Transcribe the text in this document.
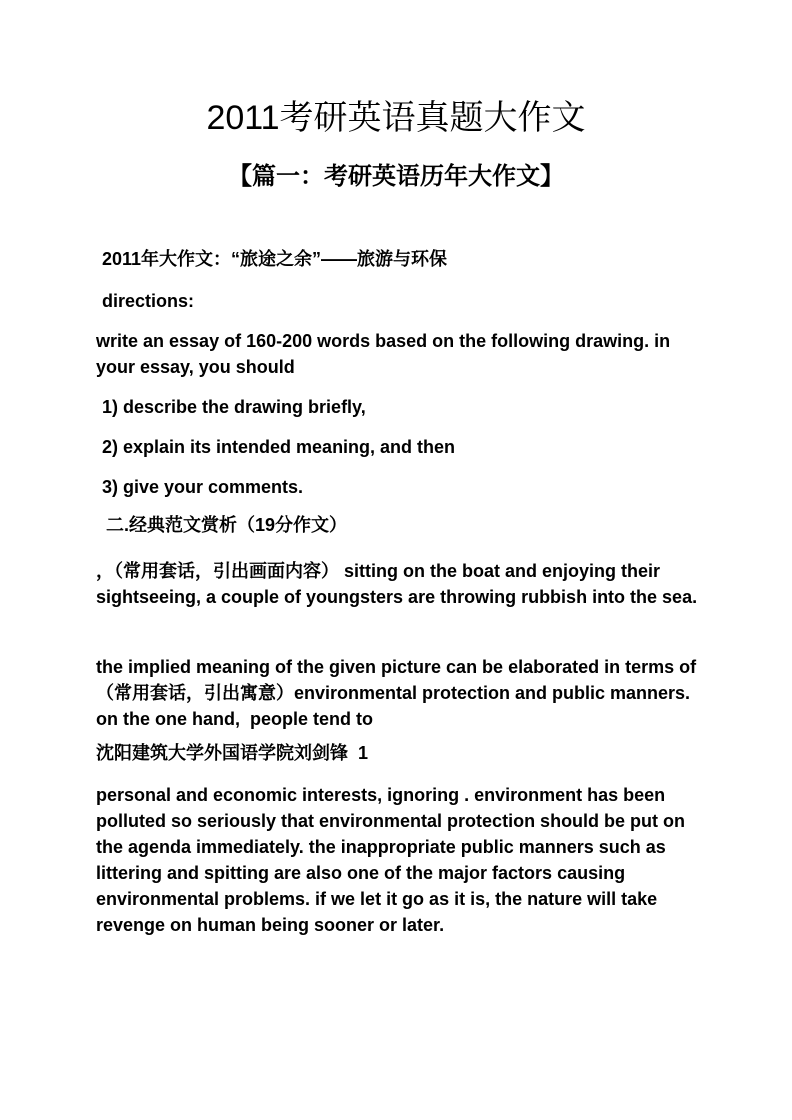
2011考研英语真题大作文
【篇一：考研英语历年大作文】

2011年大作文：“旅途之余”——旅游与环保

directions:

write an essay of 160-200 words based on the following drawing. in your essay, you should

1) describe the drawing briefly,

2) explain its intended meaning, and then

3) give your comments.

二.经典范文赏析（19分作文）

，（常用套话，引出画面内容） sitting on the boat and enjoying their sightseeing, a couple of youngsters are throwing rubbish into the sea.

the implied meaning of the given picture can be elaborated in terms of （常用套话，引出寓意）environmental protection and public manners. on the one hand,  people tend to

沈阳建筑大学外国语学院刘剑锋  1

personal and economic interests, ignoring . environment has been polluted so seriously that environmental protection should be put on the agenda immediately. the inappropriate public manners such as littering and spitting are also one of the major factors causing environmental problems. if we let it go as it is, the nature will take revenge on human being sooner or later.
